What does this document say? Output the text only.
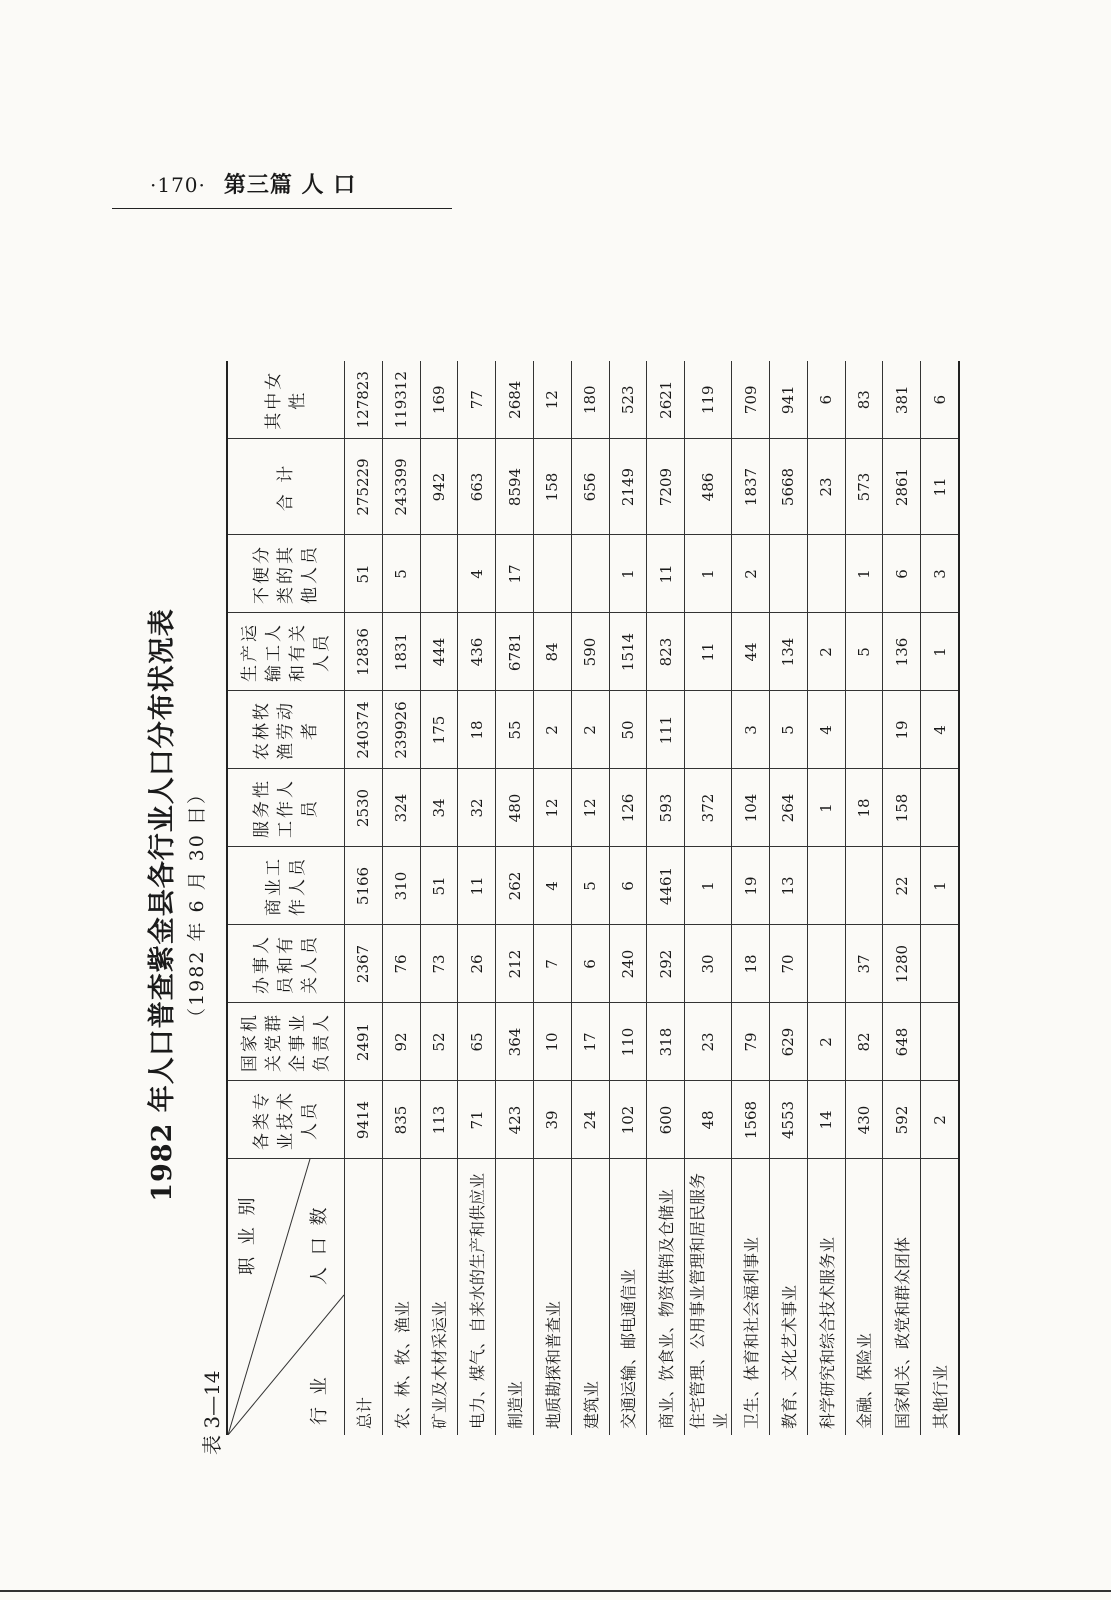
·170· 第三篇 人 口
1982 年人口普查紫金县各行业人口分布状况表 （1982 年 6 月 30 日）
表 3—14
职 业 别 人 口 数
行 业	各类专业技术人员	国家机关党群企事业负责人	办事人员和有关人员	商业工作人员	服务性工作人员	农林牧渔劳动者	生产运输工人和有关人员	不便分类的其他人员	合 计	其中女性
总计	9414	2491	2367	5166	2530	240374	12836	51	275229	127823
农、林、牧、渔业	835	92	76	310	324	239926	1831	5	243399	119312
矿业及木材采运业	113	52	73	51	34	175	444		942	169
电力、煤气、自来水的生产和供应业	71	65	26	11	32	18	436	4	663	77
制造业	423	364	212	262	480	55	6781	17	8594	2684
地质勘探和普查业	39	10	7	4	12	2	84		158	12
建筑业	24	17	6	5	12	2	590		656	180
交通运输、邮电通信业	102	110	240	6	126	50	1514	1	2149	523
商业、饮食业、物资供销及仓储业	600	318	292	4461	593	111	823	11	7209	2621
住宅管理、公用事业管理和居民服务业	48	23	30	1	372		11	1	486	119
卫生、体育和社会福利事业	1568	79	18	19	104	3	44	2	1837	709
教育、文化艺术事业	4553	629	70	13	264	5	134		5668	941
科学研究和综合技术服务业	14	2			1	4	2		23	6
金融、保险业	430	82	37		18		5	1	573	83
国家机关、政党和群众团体	592	648	1280	22	158	19	136	6	2861	381
其他行业	2			1		4	1	3	11	6
